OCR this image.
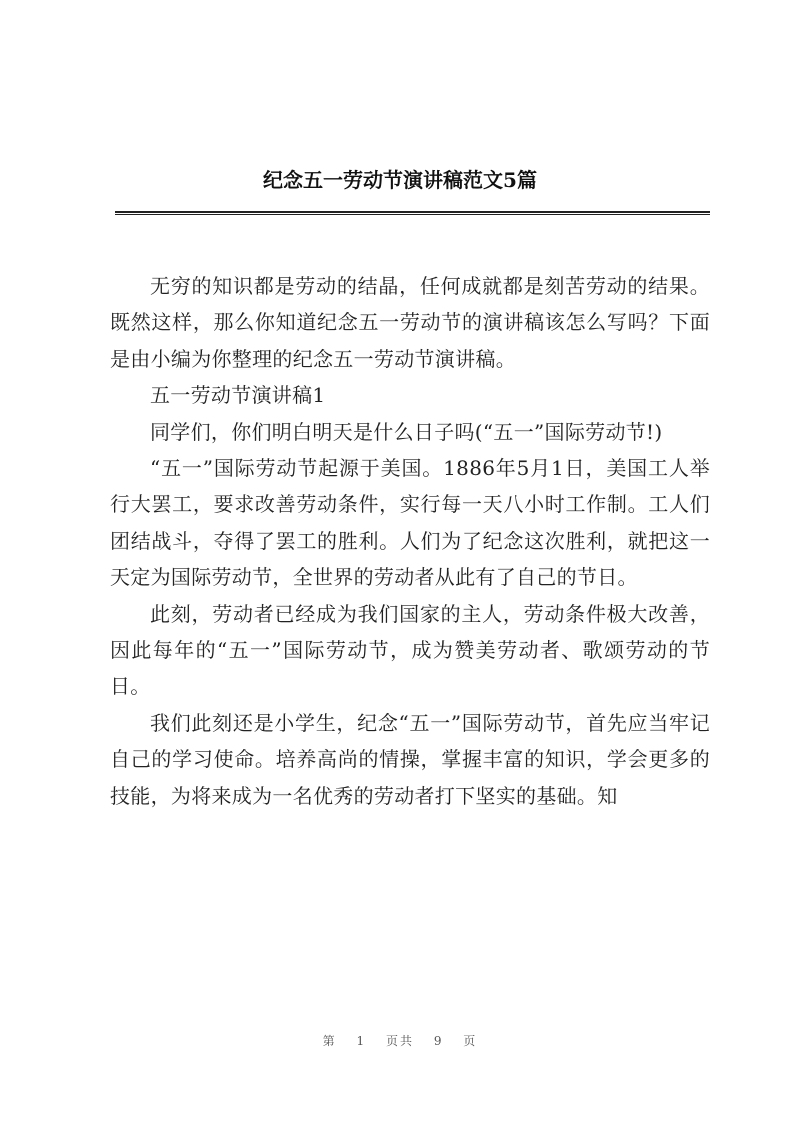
纪念五一劳动节演讲稿范文5篇

无穷的知识都是劳动的结晶，任何成就都是刻苦劳动的结果。既然这样，那么你知道纪念五一劳动节的演讲稿该怎么写吗？下面是由小编为你整理的纪念五一劳动节演讲稿。

五一劳动节演讲稿1

同学们，你们明白明天是什么日子吗(“五一”国际劳动节!)

“五一”国际劳动节起源于美国。1886年5月1日，美国工人举行大罢工，要求改善劳动条件，实行每一天八小时工作制。工人们团结战斗，夺得了罢工的胜利。人们为了纪念这次胜利，就把这一天定为国际劳动节，全世界的劳动者从此有了自己的节日。

此刻，劳动者已经成为我们国家的主人，劳动条件极大改善，因此每年的“五一”国际劳动节，成为赞美劳动者、歌颂劳动的节日。

我们此刻还是小学生，纪念“五一”国际劳动节，首先应当牢记自己的学习使命。培养高尚的情操，掌握丰富的知识，学会更多的技能，为将来成为一名优秀的劳动者打下坚实的基础。知

第 1 页共 9 页
